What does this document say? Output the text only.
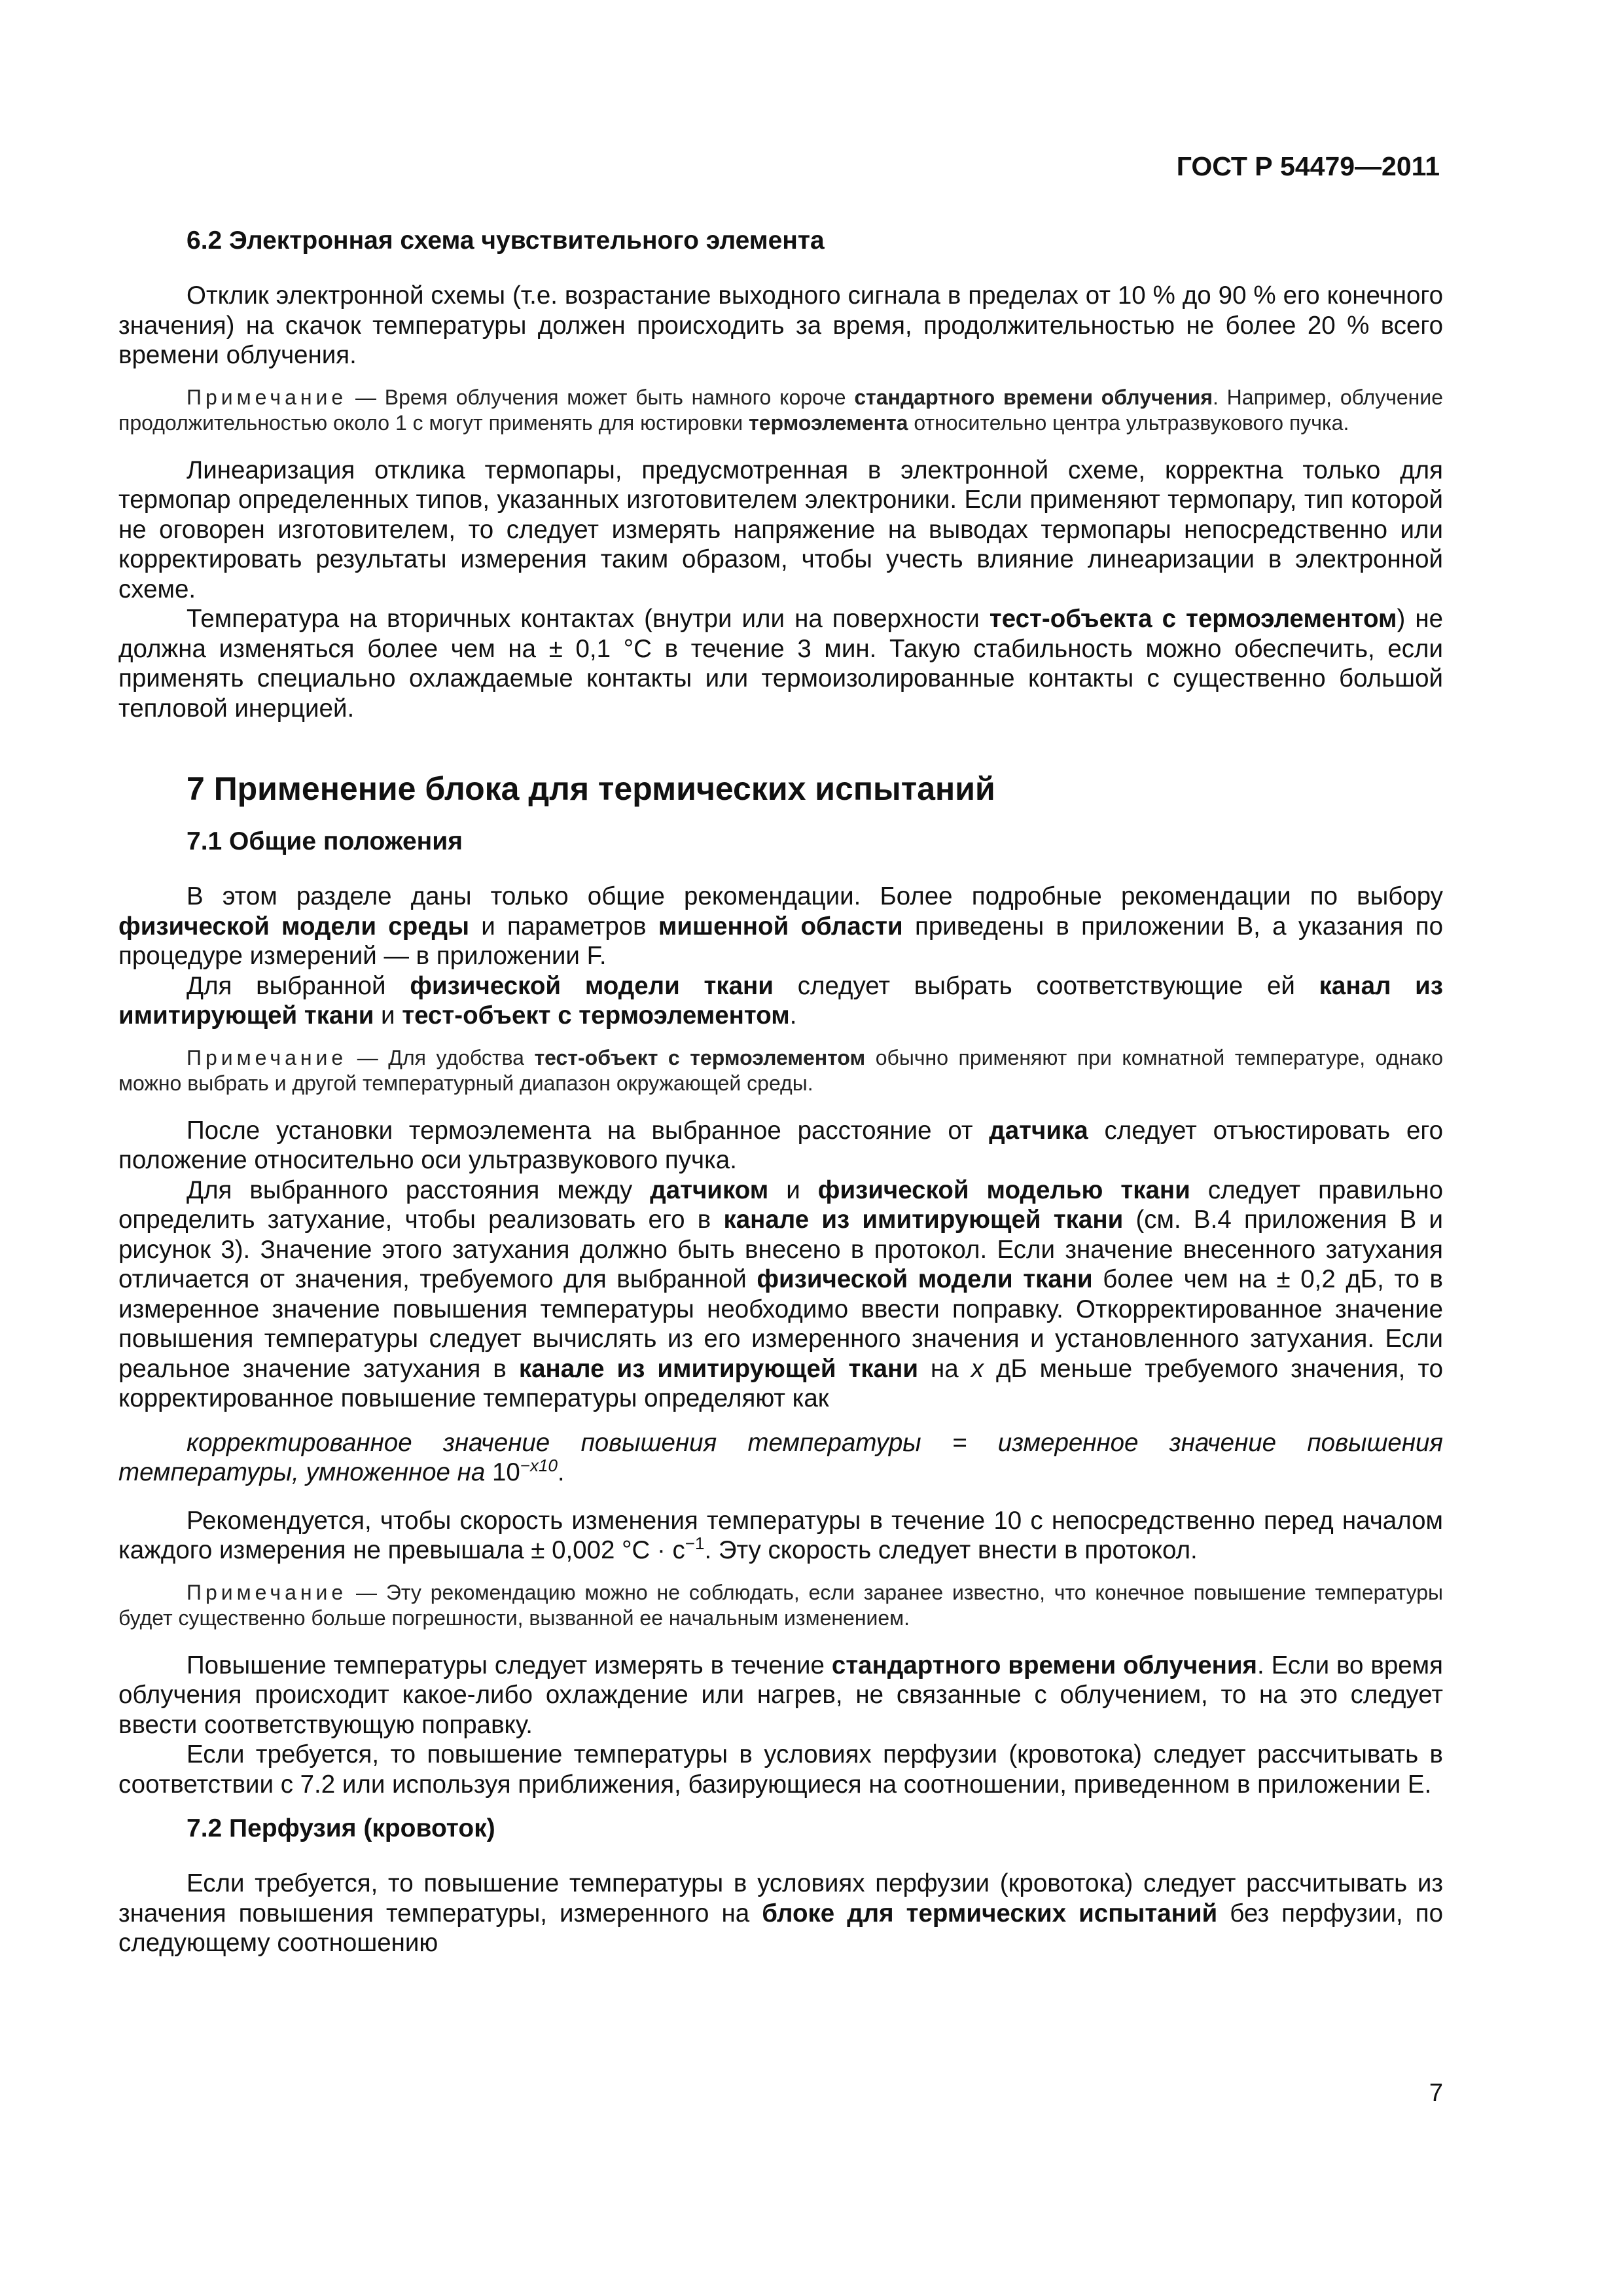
ГОСТ Р 54479—2011
6.2 Электронная схема чувствительного элемента

Отклик электронной схемы (т.е. возрастание выходного сигнала в пределах от 10 % до 90 % его конечного значения) на скачок температуры должен происходить за время, продолжительностью не более 20 % всего времени облучения.

Примечание — Время облучения может быть намного короче стандартного времени облучения. Например, облучение продолжительностью около 1 с могут применять для юстировки термоэлемента относительно центра ультразвукового пучка.

Линеаризация отклика термопары, предусмотренная в электронной схеме, корректна только для термопар определенных типов, указанных изготовителем электроники. Если применяют термопару, тип которой не оговорен изготовителем, то следует измерять напряжение на выводах термопары непосредственно или корректировать результаты измерения таким образом, чтобы учесть влияние линеаризации в электронной схеме.

Температура на вторичных контактах (внутри или на поверхности тест-объекта с термоэлементом) не должна изменяться более чем на ± 0,1 °С в течение 3 мин. Такую стабильность можно обеспечить, если применять специально охлаждаемые контакты или термоизолированные контакты с существенно большой тепловой инерцией.

7 Применение блока для термических испытаний
7.1 Общие положения

В этом разделе даны только общие рекомендации. Более подробные рекомендации по выбору физической модели среды и параметров мишенной области приведены в приложении В, а указания по процедуре измерений — в приложении F.

Для выбранной физической модели ткани следует выбрать соответствующие ей канал из имитирующей ткани и тест-объект с термоэлементом.

Примечание — Для удобства тест-объект с термоэлементом обычно применяют при комнатной температуре, однако можно выбрать и другой температурный диапазон окружающей среды.

После установки термоэлемента на выбранное расстояние от датчика следует отъюстировать его положение относительно оси ультразвукового пучка.

Для выбранного расстояния между датчиком и физической моделью ткани следует правильно определить затухание, чтобы реализовать его в канале из имитирующей ткани (см. В.4 приложения В и рисунок 3). Значение этого затухания должно быть внесено в протокол. Если значение внесенного затухания отличается от значения, требуемого для выбранной физической модели ткани более чем на ± 0,2 дБ, то в измеренное значение повышения температуры необходимо ввести поправку. Откорректированное значение повышения температуры следует вычислять из его измеренного значения и установленного затухания. Если реальное значение затухания в канале из имитирующей ткани на x дБ меньше требуемого значения, то корректированное повышение температуры определяют как

корректированное значение повышения температуры = измеренное значение повышения температуры, умноженное на $10^{-x10}$.

Рекомендуется, чтобы скорость изменения температуры в течение 10 с непосредственно перед началом каждого измерения не превышала ± 0,002 $^\circ С \cdot с^{-1}$. Эту скорость следует внести в протокол.

Примечание — Эту рекомендацию можно не соблюдать, если заранее известно, что конечное повышение температуры будет существенно больше погрешности, вызванной ее начальным изменением.

Повышение температуры следует измерять в течение стандартного времени облучения. Если во время облучения происходит какое-либо охлаждение или нагрев, не связанные с облучением, то на это следует ввести соответствующую поправку.

Если требуется, то повышение температуры в условиях перфузии (кровотока) следует рассчитывать в соответствии с 7.2 или используя приближения, базирующиеся на соотношении, приведенном в приложении Е.

7.2 Перфузия (кровоток)

Если требуется, то повышение температуры в условиях перфузии (кровотока) следует рассчитывать из значения повышения температуры, измеренного на блоке для термических испытаний без перфузии, по следующему соотношению

7
